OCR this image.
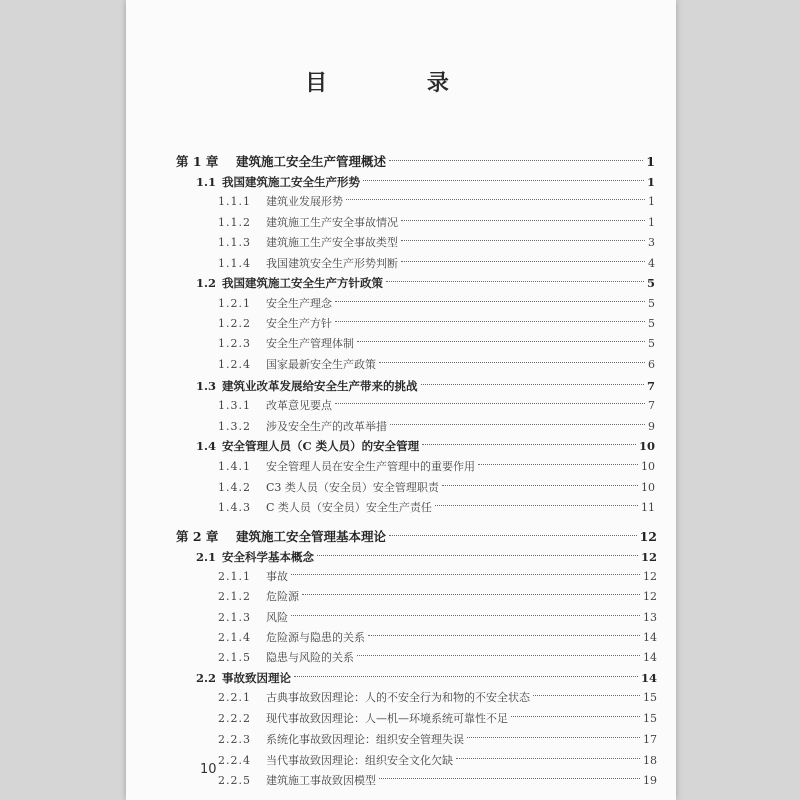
目 录
第 1 章	建筑施工安全生产管理概述	1
1.1 我国建筑施工安全生产形势	1
1.1.1	建筑业发展形势	1
1.1.2	建筑施工生产安全事故情况	1
1.1.3	建筑施工生产安全事故类型	3
1.1.4	我国建筑安全生产形势判断	4
1.2 我国建筑施工安全生产方针政策	5
1.2.1	安全生产理念	5
1.2.2	安全生产方针	5
1.2.3	安全生产管理体制	5
1.2.4	国家最新安全生产政策	6
1.3 建筑业改革发展给安全生产带来的挑战	7
1.3.1	改革意见要点	7
1.3.2	涉及安全生产的改革举措	9
1.4 安全管理人员（C 类人员）的安全管理	10
1.4.1	安全管理人员在安全生产管理中的重要作用	10
1.4.2	C3 类人员（安全员）安全管理职责	10
1.4.3	C 类人员（安全员）安全生产责任	11
第 2 章	建筑施工安全管理基本理论	12
2.1 安全科学基本概念	12
2.1.1	事故	12
2.1.2	危险源	12
2.1.3	风险	13
2.1.4	危险源与隐患的关系	14
2.1.5	隐患与风险的关系	14
2.2 事故致因理论	14
2.2.1	古典事故致因理论：人的不安全行为和物的不安全状态	15
2.2.2	现代事故致因理论：人—机—环境系统可靠性不足	15
2.2.3	系统化事故致因理论：组织安全管理失误	17
2.2.4	当代事故致因理论：组织安全文化欠缺	18
2.2.5	建筑施工事故致因模型	19
10
